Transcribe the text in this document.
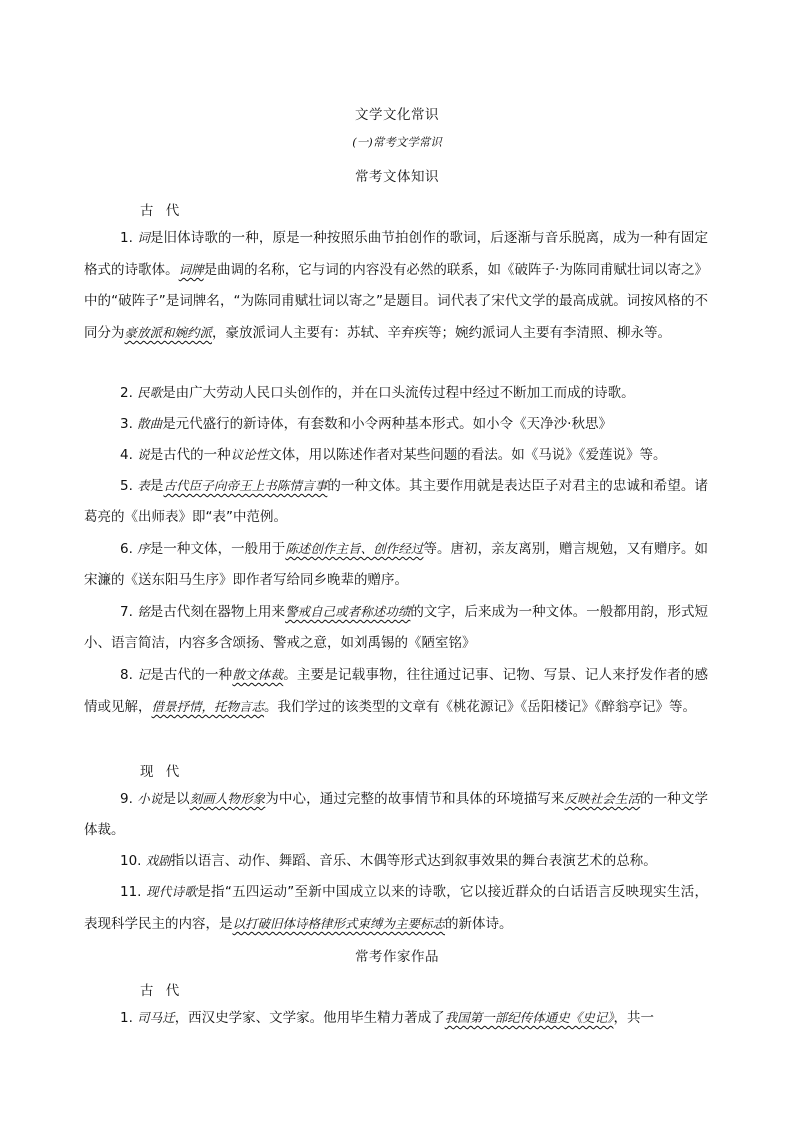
文学文化常识
(一)常考文学常识
常考文体知识
古 代
1. 词是旧体诗歌的一种，原是一种按照乐曲节拍创作的歌词，后逐渐与音乐脱离，成为一种有固定格式的诗歌体。词牌是曲调的名称，它与词的内容没有必然的联系，如《破阵子·为陈同甫赋壮词以寄之》中的“破阵子”是词牌名，“为陈同甫赋壮词以寄之”是题目。词代表了宋代文学的最高成就。词按风格的不同分为豪放派和婉约派，豪放派词人主要有：苏轼、辛弃疾等；婉约派词人主要有李清照、柳永等。
2. 民歌是由广大劳动人民口头创作的，并在口头流传过程中经过不断加工而成的诗歌。
3. 散曲是元代盛行的新诗体，有套数和小令两种基本形式。如小令《天净沙·秋思》
4. 说是古代的一种议论性文体，用以陈述作者对某些问题的看法。如《马说》《爱莲说》等。
5. 表是古代臣子向帝王上书陈情言事的一种文体。其主要作用就是表达臣子对君主的忠诚和希望。诸葛亮的《出师表》即“表”中范例。
6. 序是一种文体，一般用于陈述创作主旨、创作经过等。唐初，亲友离别，赠言规勉，又有赠序。如宋濂的《送东阳马生序》即作者写给同乡晚辈的赠序。
7. 铭是古代刻在器物上用来警戒自己或者称述功绩的文字，后来成为一种文体。一般都用韵，形式短小、语言简洁，内容多含颂扬、警戒之意，如刘禹锡的《陋室铭》
8. 记是古代的一种散文体裁。主要是记载事物，往往通过记事、记物、写景、记人来抒发作者的感情或见解，借景抒情，托物言志。我们学过的该类型的文章有《桃花源记》《岳阳楼记》《醉翁亭记》等。
现 代
9. 小说是以刻画人物形象为中心，通过完整的故事情节和具体的环境描写来反映社会生活的一种文学体裁。
10. 戏剧指以语言、动作、舞蹈、音乐、木偶等形式达到叙事效果的舞台表演艺术的总称。
11. 现代诗歌是指“五四运动”至新中国成立以来的诗歌，它以接近群众的白话语言反映现实生活，表现科学民主的内容，是以打破旧体诗格律形式束缚为主要标志的新体诗。
常考作家作品
古 代
1. 司马迁，西汉史学家、文学家。他用毕生精力著成了我国第一部纪传体通史《史记》，共一
